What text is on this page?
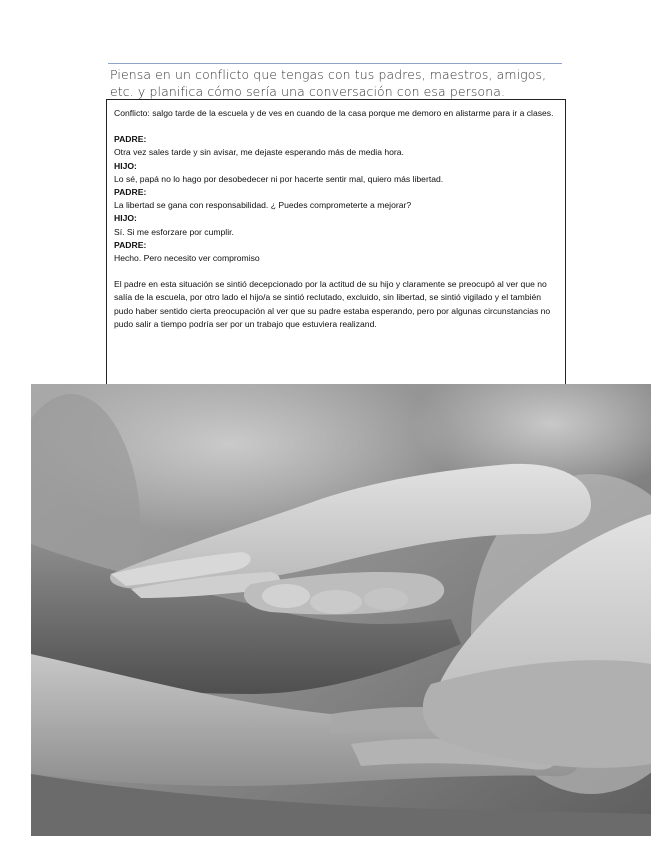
Piensa en un conflicto que tengas con tus padres, maestros, amigos, etc. y planifica cómo sería una conversación con esa persona.

Conflicto: salgo tarde de la escuela y de ves en cuando de la casa porque me demoro en alistarme para ir a clases.

PADRE:

Otra vez sales tarde y sin avisar, me dejaste esperando más de media hora.

HIJO:

Lo sé, papá no lo hago por desobedecer ni por hacerte sentir mal, quiero más libertad.

PADRE:

La libertad se gana con responsabilidad. ¿ Puedes comprometerte a mejorar?

HIJO:

Sí. Si me esforzare por cumplir.

PADRE:

Hecho. Pero necesito ver compromiso

El padre en esta situación se sintió decepcionado por la actitud de su hijo y claramente se preocupó al ver que no salía de la escuela, por otro lado el hijo/a se sintió reclutado, excluido, sin libertad, se sintió vigilado y el también pudo haber sentido cierta preocupación al ver que su padre estaba esperando, pero por algunas circunstancias no pudo salir a tiempo podría ser por un trabajo que estuviera realizand.
